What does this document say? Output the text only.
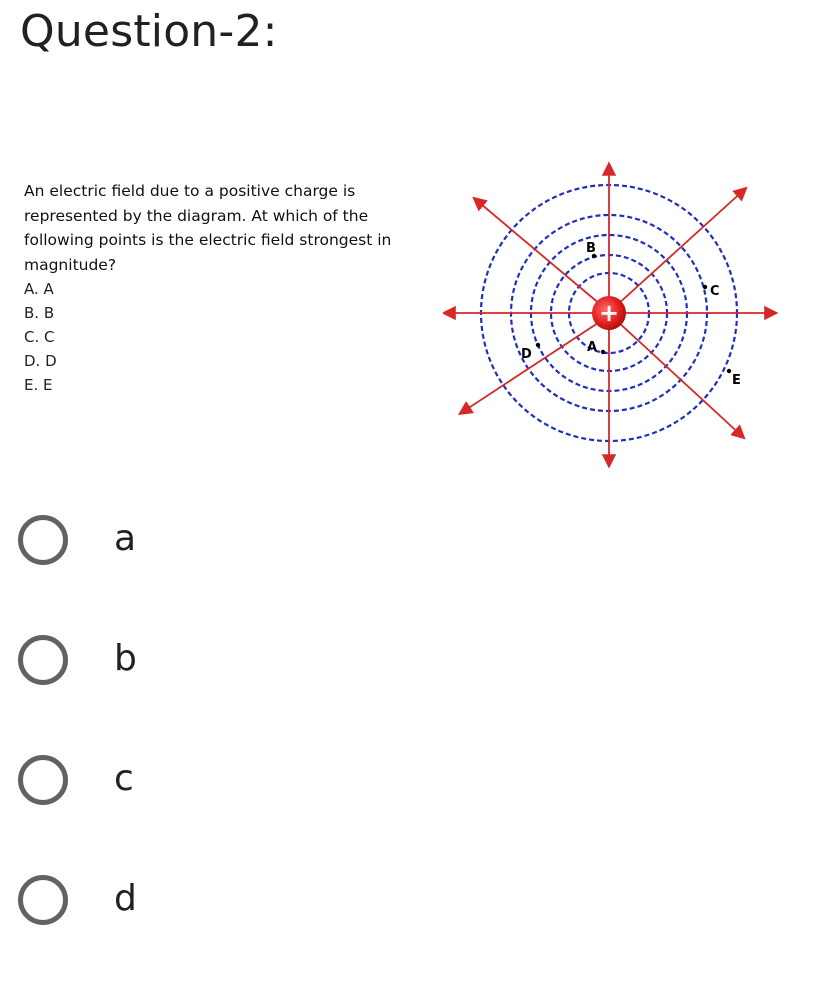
Question-2:
An electric field due to a positive charge is represented by the diagram. At which of the following points is the electric field strongest in magnitude?
A. A
B. B
C. C
D. D
E. E
+
A
B
C
D
E
a
b
c
d
